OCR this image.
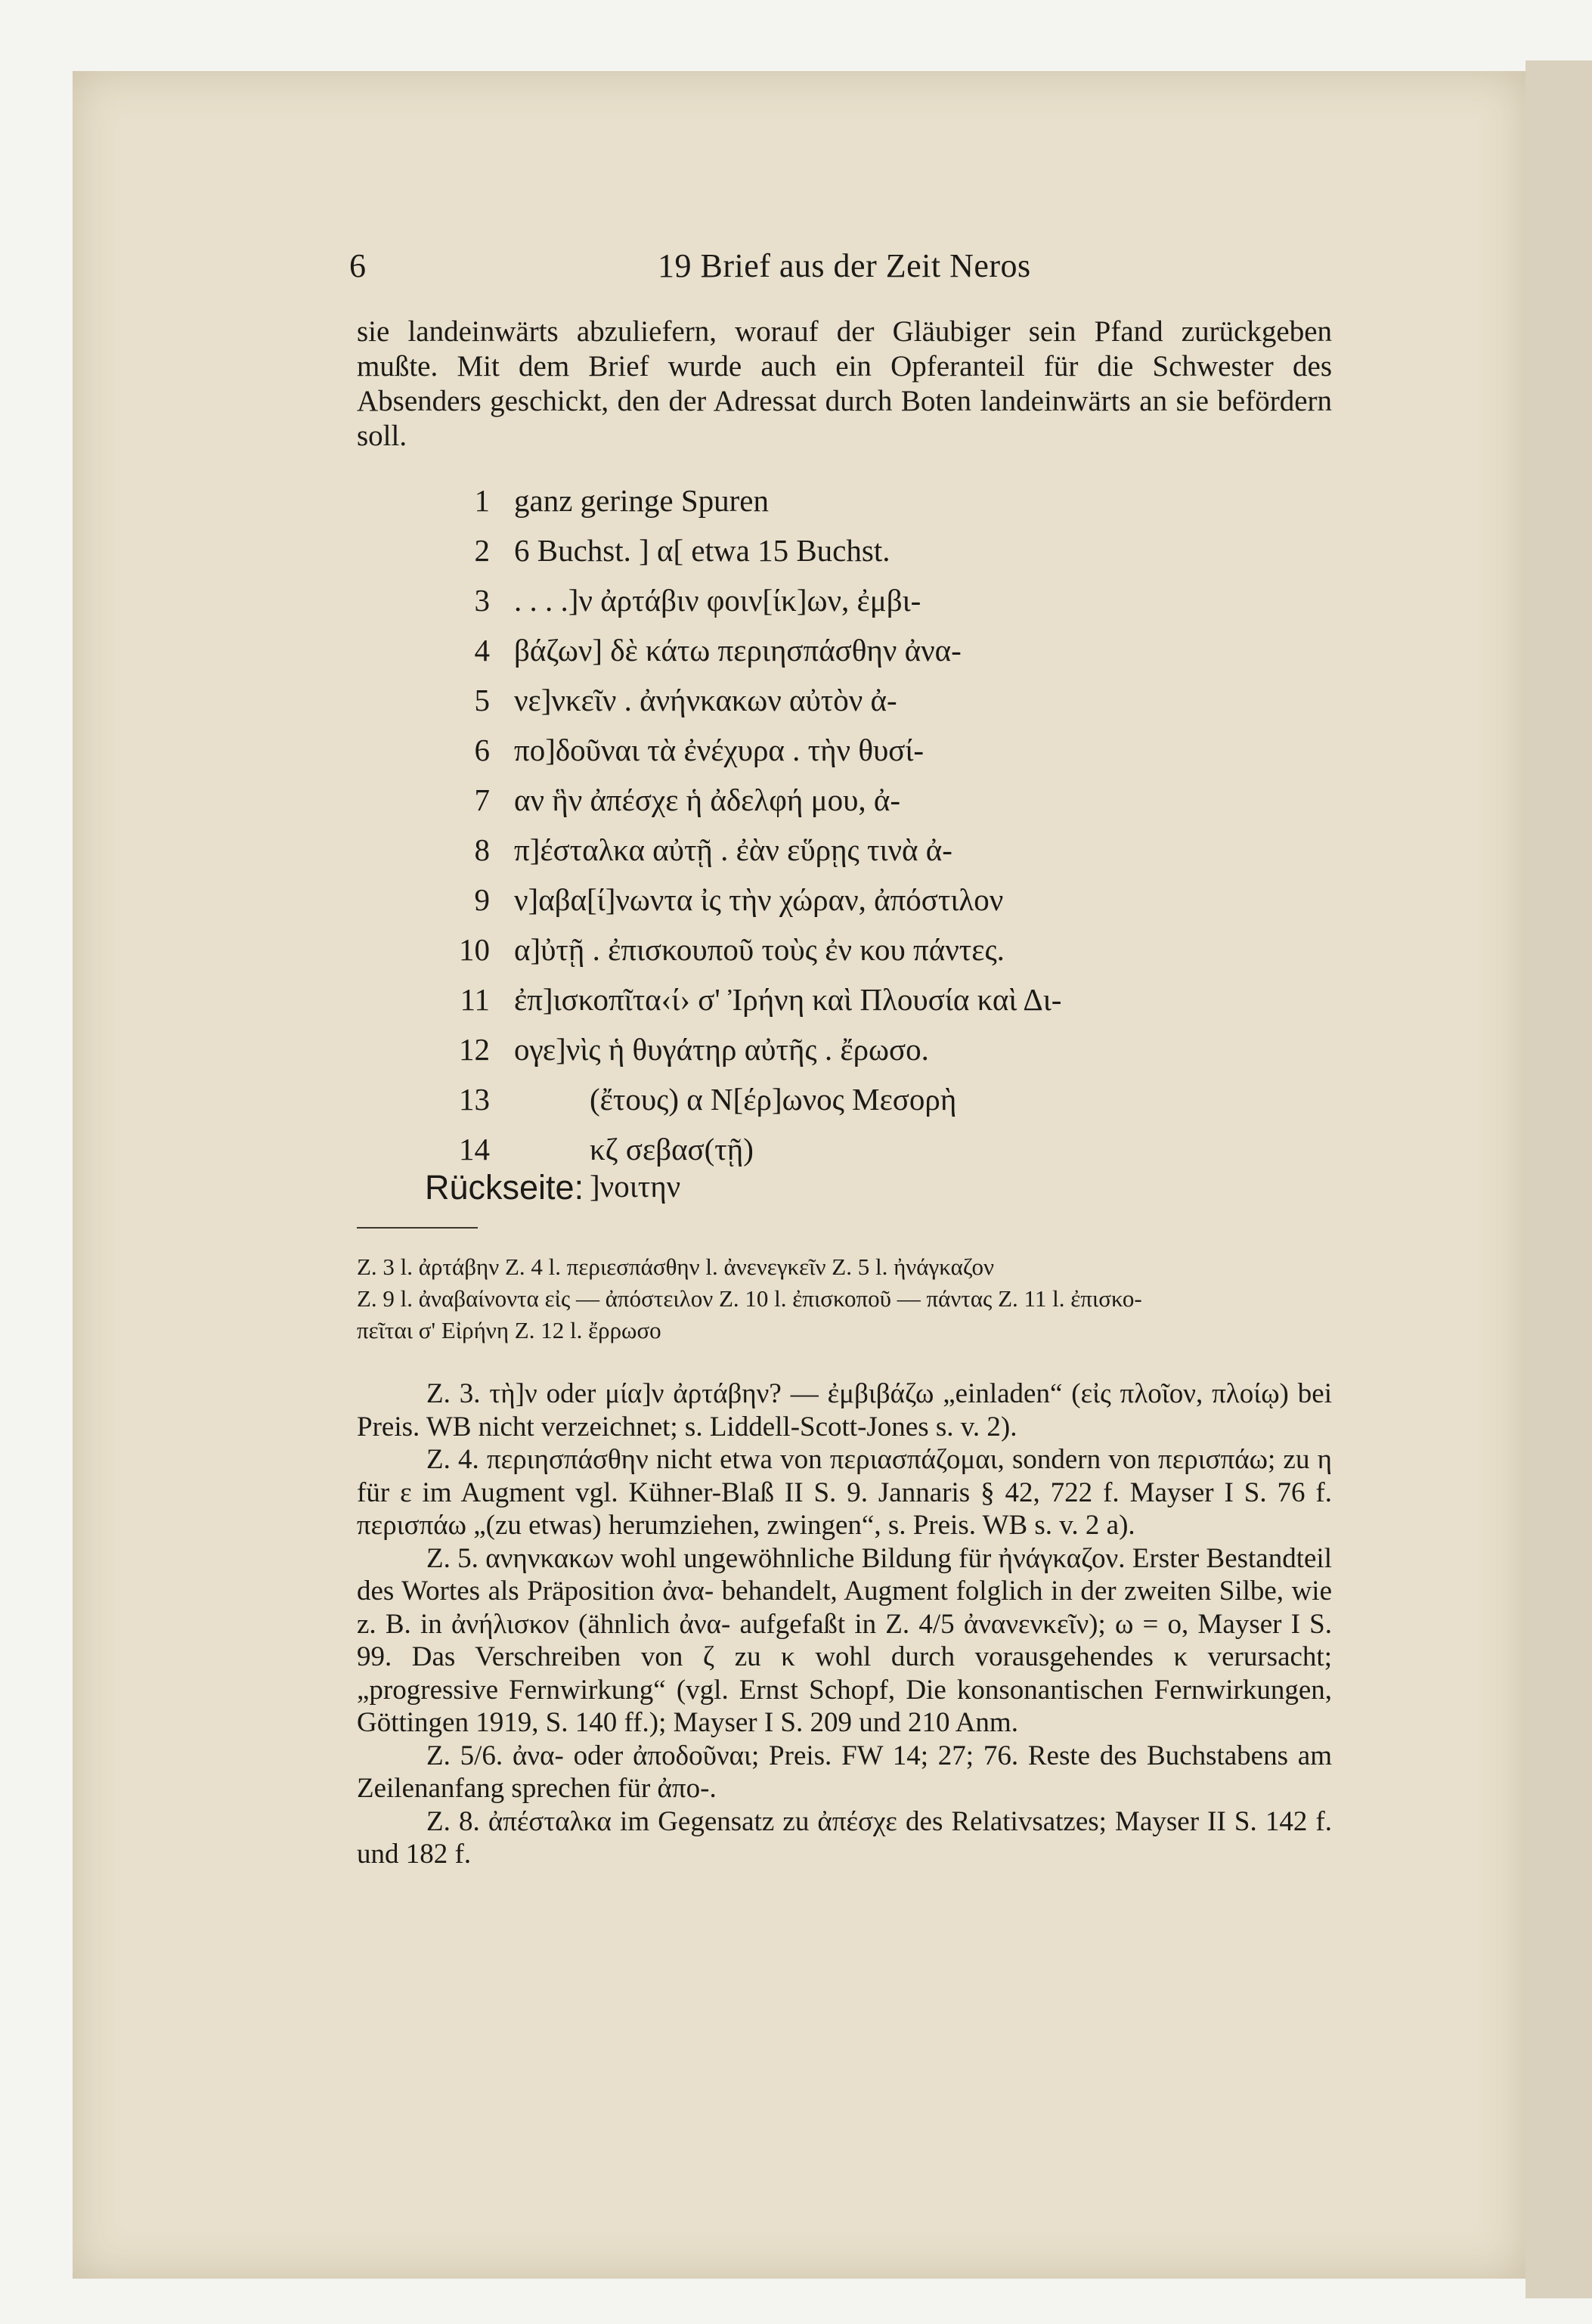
6	19 Brief aus der Zeit Neros
sie landeinwärts abzuliefern, worauf der Gläubiger sein Pfand zurückgeben mußte. Mit dem Brief wurde auch ein Opferanteil für die Schwester des Absenders geschickt, den der Adressat durch Boten landeinwärts an sie befördern soll.
1 ganz geringe Spuren
2 6 Buchst. ] α[ etwa 15 Buchst.
3 . . . .]ν ἀρτάβιν φοιν[ίκ]ων, ἐμβι-
4 βάζων] δὲ κάτω περιησπάσθην ἀνα-
5 νε]νκεῖν . ἀνήνκακων αὐτὸν ἀ-
6 πο]δοῦναι τὰ ἐνέχυρα . τὴν θυσί-
7 αν ἣν ἀπέσχε ἡ ἀδελφή μου, ἀ-
8 π]έσταλκα αὐτῇ . ἐὰν εὕρῃς τινὰ ἀ-
9 ν]αβα[ί]νωντα ἰς τὴν χώραν, ἀπόστιλον
10 α]ὐτῇ . ἐπισκουποῦ τοὺς ἐν κου πάντες.
11 ἐπ]ισκοπῖτα‹ί› σ' Ἰρήνη καὶ Πλουσία καὶ Δι-
12 ογε]νὶς ἡ θυγάτηρ αὐτῆς . ἔρωσο.
13	(ἔτους) α Ν[έρ]ωνος Μεσορὴ
14	κζ σεβασ(τῇ)
Rückseite: ]νοιτην
Z. 3 l. ἀρτάβην Z. 4 l. περιεσπάσθην l. ἀνενεγκεῖν Z. 5 l. ἠνάγκαζον
Z. 9 l. ἀναβαίνοντα εἰς — ἀπόστειλον Z. 10 l. ἐπισκοποῦ — πάντας Z. 11 l. ἐπισκο-
πεῖται σ' Εἰρήνη Z. 12 l. ἔρρωσο

Z. 3. τὴ]ν oder μία]ν ἀρτάβην? — ἐμβιβάζω „einladen“ (εἰς πλοῖον, πλοίῳ) bei Preis. WB nicht verzeichnet; s. Liddell-Scott-Jones s. v. 2).

Z. 4. περιησπάσθην nicht etwa von περιασπάζομαι, sondern von περισπάω; zu η für ε im Augment vgl. Kühner-Blaß II S. 9. Jannaris § 42, 722 f. Mayser I S. 76 f. περισπάω „(zu etwas) herumziehen, zwingen“, s. Preis. WB s. v. 2 a).

Z. 5. ανηνκακων wohl ungewöhnliche Bildung für ἠνάγκαζον. Erster Bestandteil des Wortes als Präposition ἀνα- behandelt, Augment folglich in der zweiten Silbe, wie z. B. in ἀνήλισκον (ähnlich ἀνα- aufgefaßt in Z. 4/5 ἀνανενκεῖν); ω = ο, Mayser I S. 99. Das Verschreiben von ζ zu κ wohl durch vorausgehendes κ verursacht; „progressive Fernwirkung“ (vgl. Ernst Schopf, Die konsonantischen Fernwirkungen, Göttingen 1919, S. 140 ff.); Mayser I S. 209 und 210 Anm.

Z. 5/6. ἀνα- oder ἀποδοῦναι; Preis. FW 14; 27; 76. Reste des Buchstabens am Zeilenanfang sprechen für ἀπο-.

Z. 8. ἀπέσταλκα im Gegensatz zu ἀπέσχε des Relativsatzes; Mayser II S. 142 f. und 182 f.
